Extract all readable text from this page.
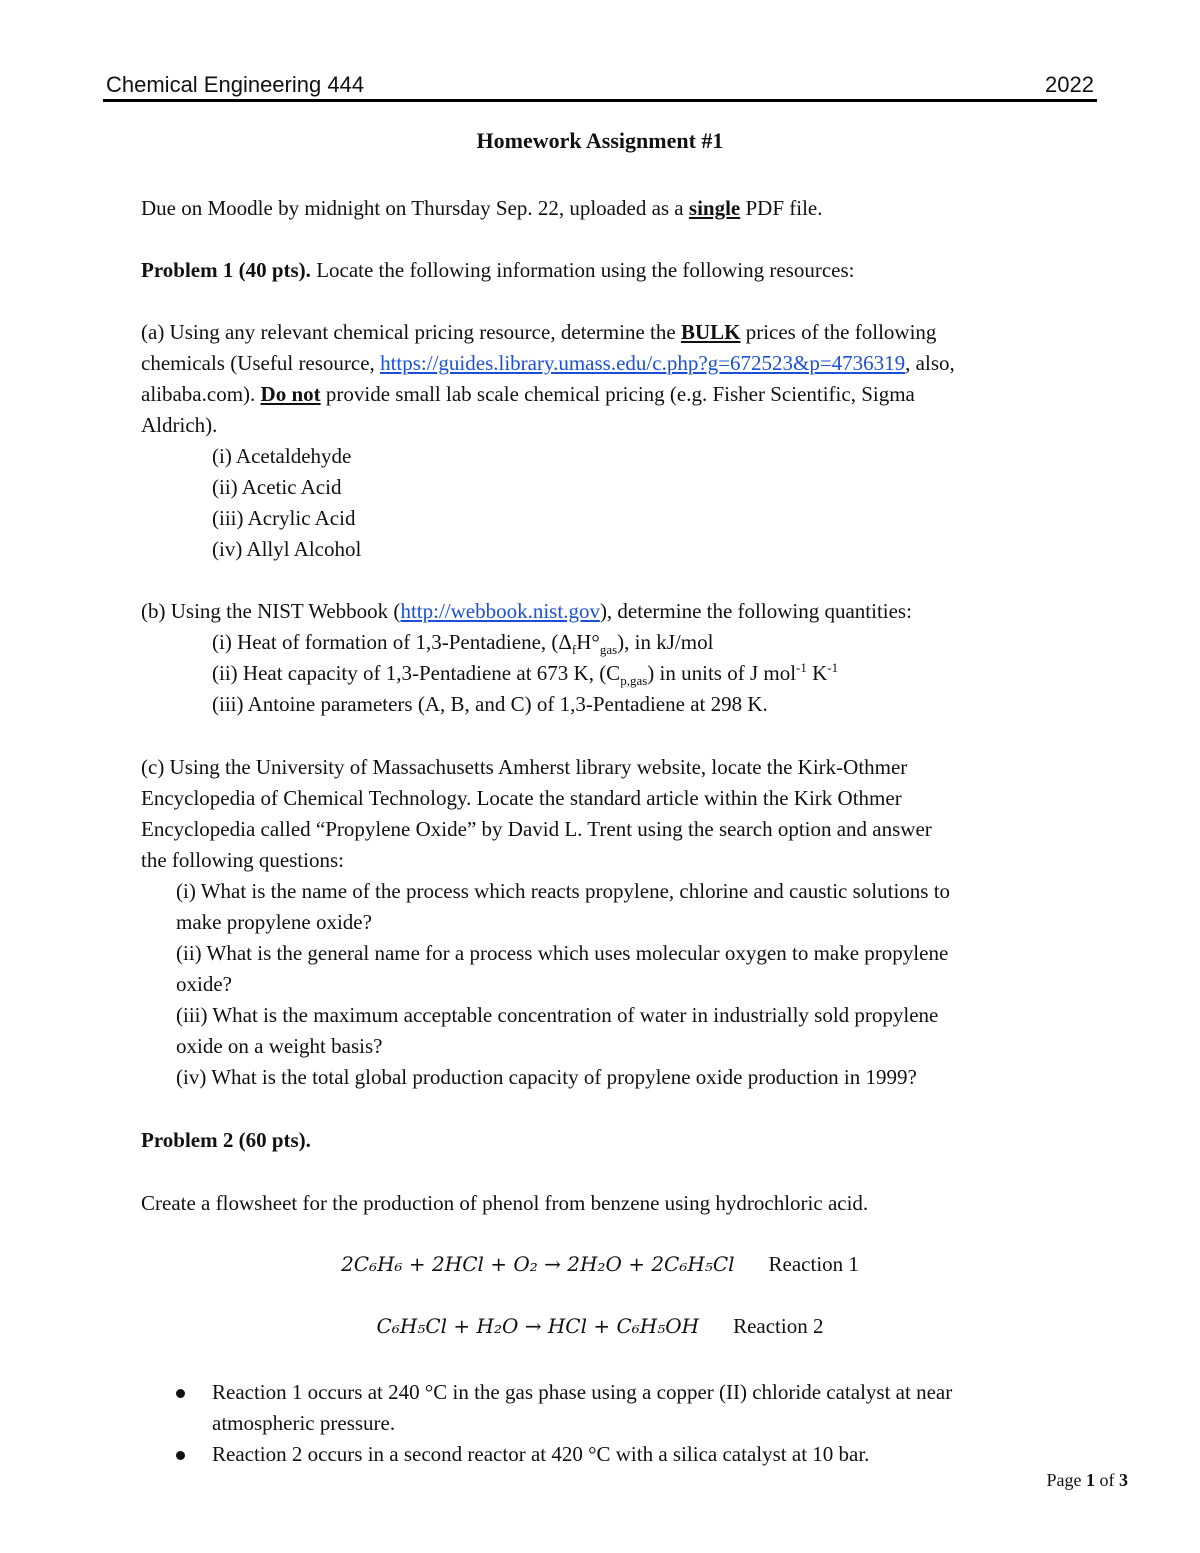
Chemical Engineering 444	2022
Homework Assignment #1
Due on Moodle by midnight on Thursday Sep. 22, uploaded as a single PDF file.
Problem 1 (40 pts). Locate the following information using the following resources:
(a) Using any relevant chemical pricing resource, determine the BULK prices of the following
chemicals (Useful resource, https://guides.library.umass.edu/c.php?g=672523&p=4736319, also,
alibaba.com). Do not provide small lab scale chemical pricing (e.g. Fisher Scientific, Sigma
Aldrich).
(i) Acetaldehyde
(ii) Acetic Acid
(iii) Acrylic Acid
(iv) Allyl Alcohol
(b) Using the NIST Webbook (http://webbook.nist.gov), determine the following quantities:
(i) Heat of formation of 1,3-Pentadiene, $(\Delta_fH^\circ_{gas})$, in kJ/mol
(ii) Heat capacity of 1,3-Pentadiene at 673 K, $(C_{p,gas})$ in units of J mol$^{-1}$ $K^{-1}$
(iii) Antoine parameters (A, B, and C) of 1,3-Pentadiene at 298 K.
(c) Using the University of Massachusetts Amherst library website, locate the Kirk-Othmer
Encyclopedia of Chemical Technology. Locate the standard article within the Kirk Othmer
Encyclopedia called “Propylene Oxide” by David L. Trent using the search option and answer
the following questions:
(i) What is the name of the process which reacts propylene, chlorine and caustic solutions to
make propylene oxide?
(ii) What is the general name for a process which uses molecular oxygen to make propylene
oxide?
(iii) What is the maximum acceptable concentration of water in industrially sold propylene
oxide on a weight basis?
(iv) What is the total global production capacity of propylene oxide production in 1999?
Problem 2 (60 pts).
Create a flowsheet for the production of phenol from benzene using hydrochloric acid.
2C₆H₆ + 2HCl + O₂ → 2H₂O + 2C₆H₅Cl Reaction 1
C₆H₅Cl + H₂O → HCl + C₆H₅OH Reaction 2
Reaction 1 occurs at 240 °C in the gas phase using a copper (II) chloride catalyst at near
atmospheric pressure.
Reaction 2 occurs in a second reactor at 420 °C with a silica catalyst at 10 bar.
Page 1 of 3
